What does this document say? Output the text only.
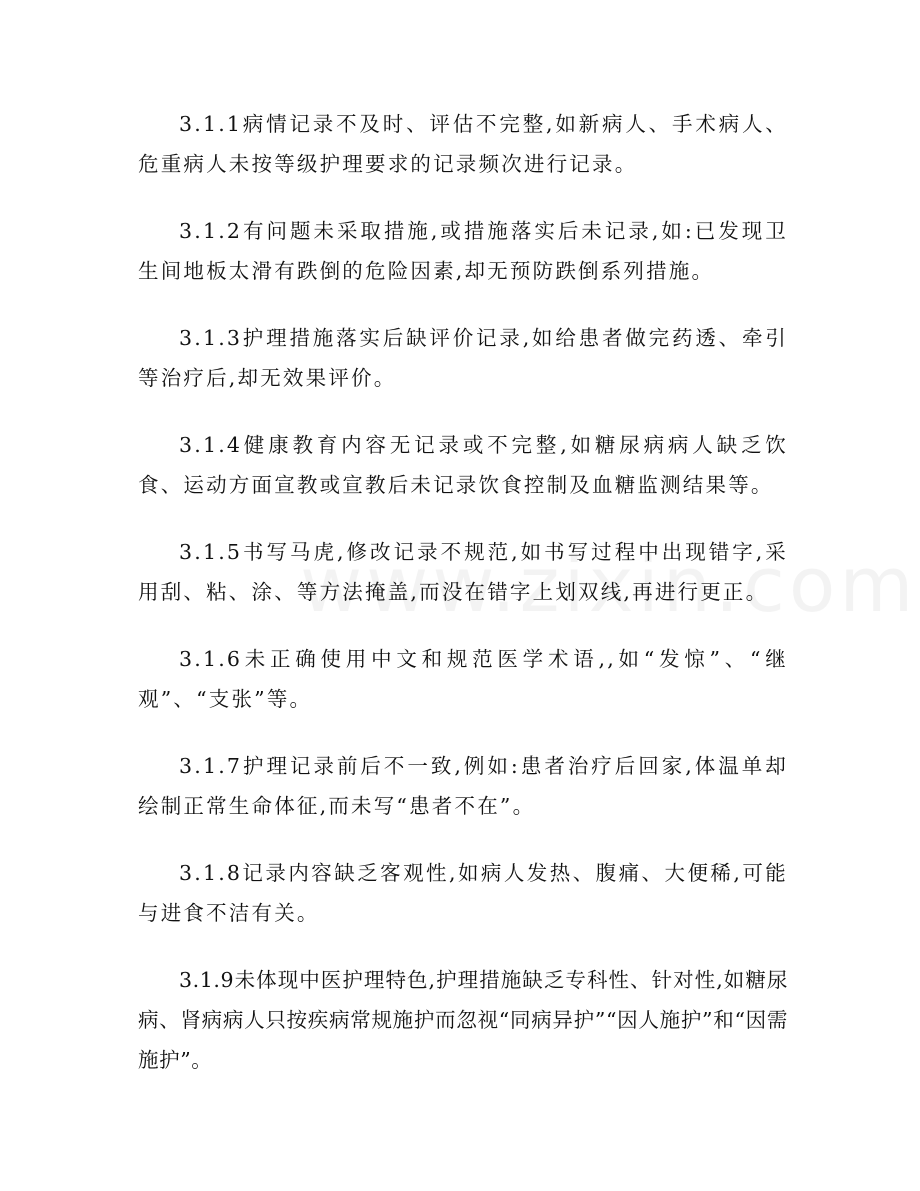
3.1.1病情记录不及时、评估不完整,如新病人、手术病人、危重病人未按等级护理要求的记录频次进行记录。

3.1.2有问题未采取措施,或措施落实后未记录,如:已发现卫生间地板太滑有跌倒的危险因素,却无预防跌倒系列措施。

3.1.3护理措施落实后缺评价记录,如给患者做完药透、牵引等治疗后,却无效果评价。

3.1.4健康教育内容无记录或不完整,如糖尿病病人缺乏饮食、运动方面宣教或宣教后未记录饮食控制及血糖监测结果等。

3.1.5书写马虎,修改记录不规范,如书写过程中出现错字,采用刮、粘、涂、等方法掩盖,而没在错字上划双线,再进行更正。

3.1.6未正确使用中文和规范医学术语,,如“发惊”、“继观”、“支张”等。

3.1.7护理记录前后不一致,例如:患者治疗后回家,体温单却绘制正常生命体征,而未写“患者不在”。

3.1.8记录内容缺乏客观性,如病人发热、腹痛、大便稀,可能与进食不洁有关。

3.1.9未体现中医护理特色,护理措施缺乏专科性、针对性,如糖尿病、肾病病人只按疾病常规施护而忽视“同病异护”“因人施护”和“因需施护”。
